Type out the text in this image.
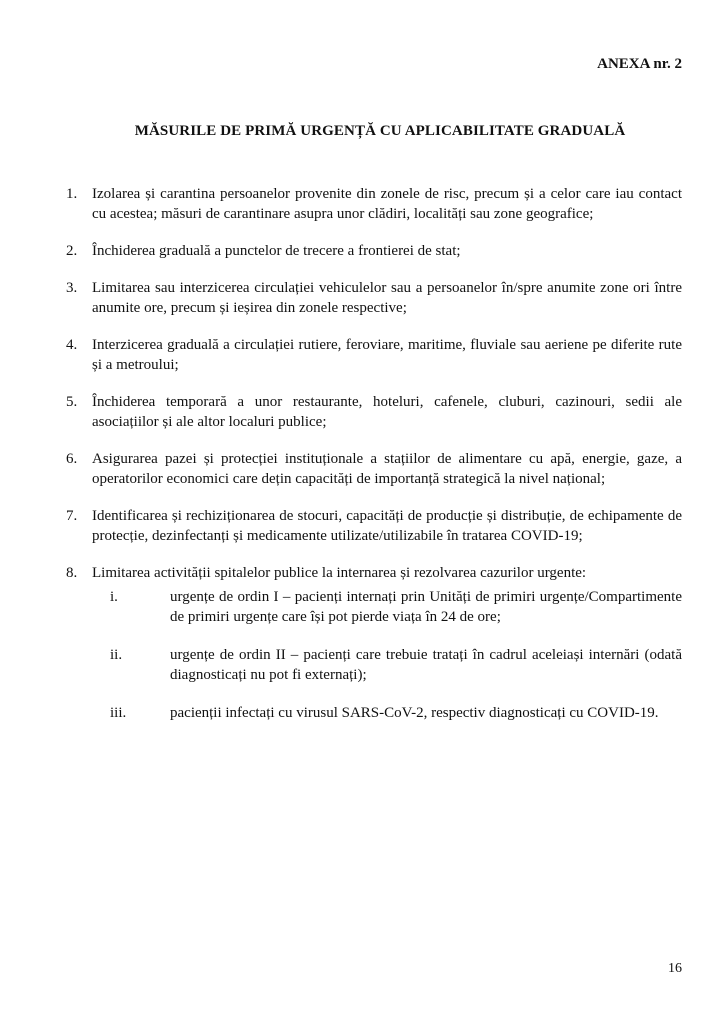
ANEXA nr. 2
MĂSURILE DE PRIMĂ URGENȚĂ CU APLICABILITATE GRADUALĂ
1. Izolarea și carantina persoanelor provenite din zonele de risc, precum și a celor care iau contact cu acestea; măsuri de carantinare asupra unor clădiri, localități sau zone geografice;
2. Închiderea graduală a punctelor de trecere a frontierei de stat;
3. Limitarea sau interzicerea circulației vehiculelor sau a persoanelor în/spre anumite zone ori între anumite ore, precum și ieșirea din zonele respective;
4. Interzicerea graduală a circulației rutiere, feroviare, maritime, fluviale sau aeriene pe diferite rute și a metroului;
5. Închiderea temporară a unor restaurante, hoteluri, cafenele, cluburi, cazinouri, sedii ale asociațiilor și ale altor localuri publice;
6. Asigurarea pazei și protecției instituționale a stațiilor de alimentare cu apă, energie, gaze, a operatorilor economici care dețin capacități de importanță strategică la nivel național;
7. Identificarea și rechiziționarea de stocuri, capacități de producție și distribuție, de echipamente de protecție, dezinfectanți și medicamente utilizate/utilizabile în tratarea COVID-19;
8. Limitarea activității spitalelor publice la internarea și rezolvarea cazurilor urgente:
i.	urgențe de ordin I – pacienți internați prin Unități de primiri urgențe/Compartimente de primiri urgențe care își pot pierde viața în 24 de ore;
ii.	urgențe de ordin II – pacienți care trebuie tratați în cadrul aceleiași internări (odată diagnosticați nu pot fi externați);
iii.	pacienții infectați cu virusul SARS-CoV-2, respectiv diagnosticați cu COVID-19.
16
